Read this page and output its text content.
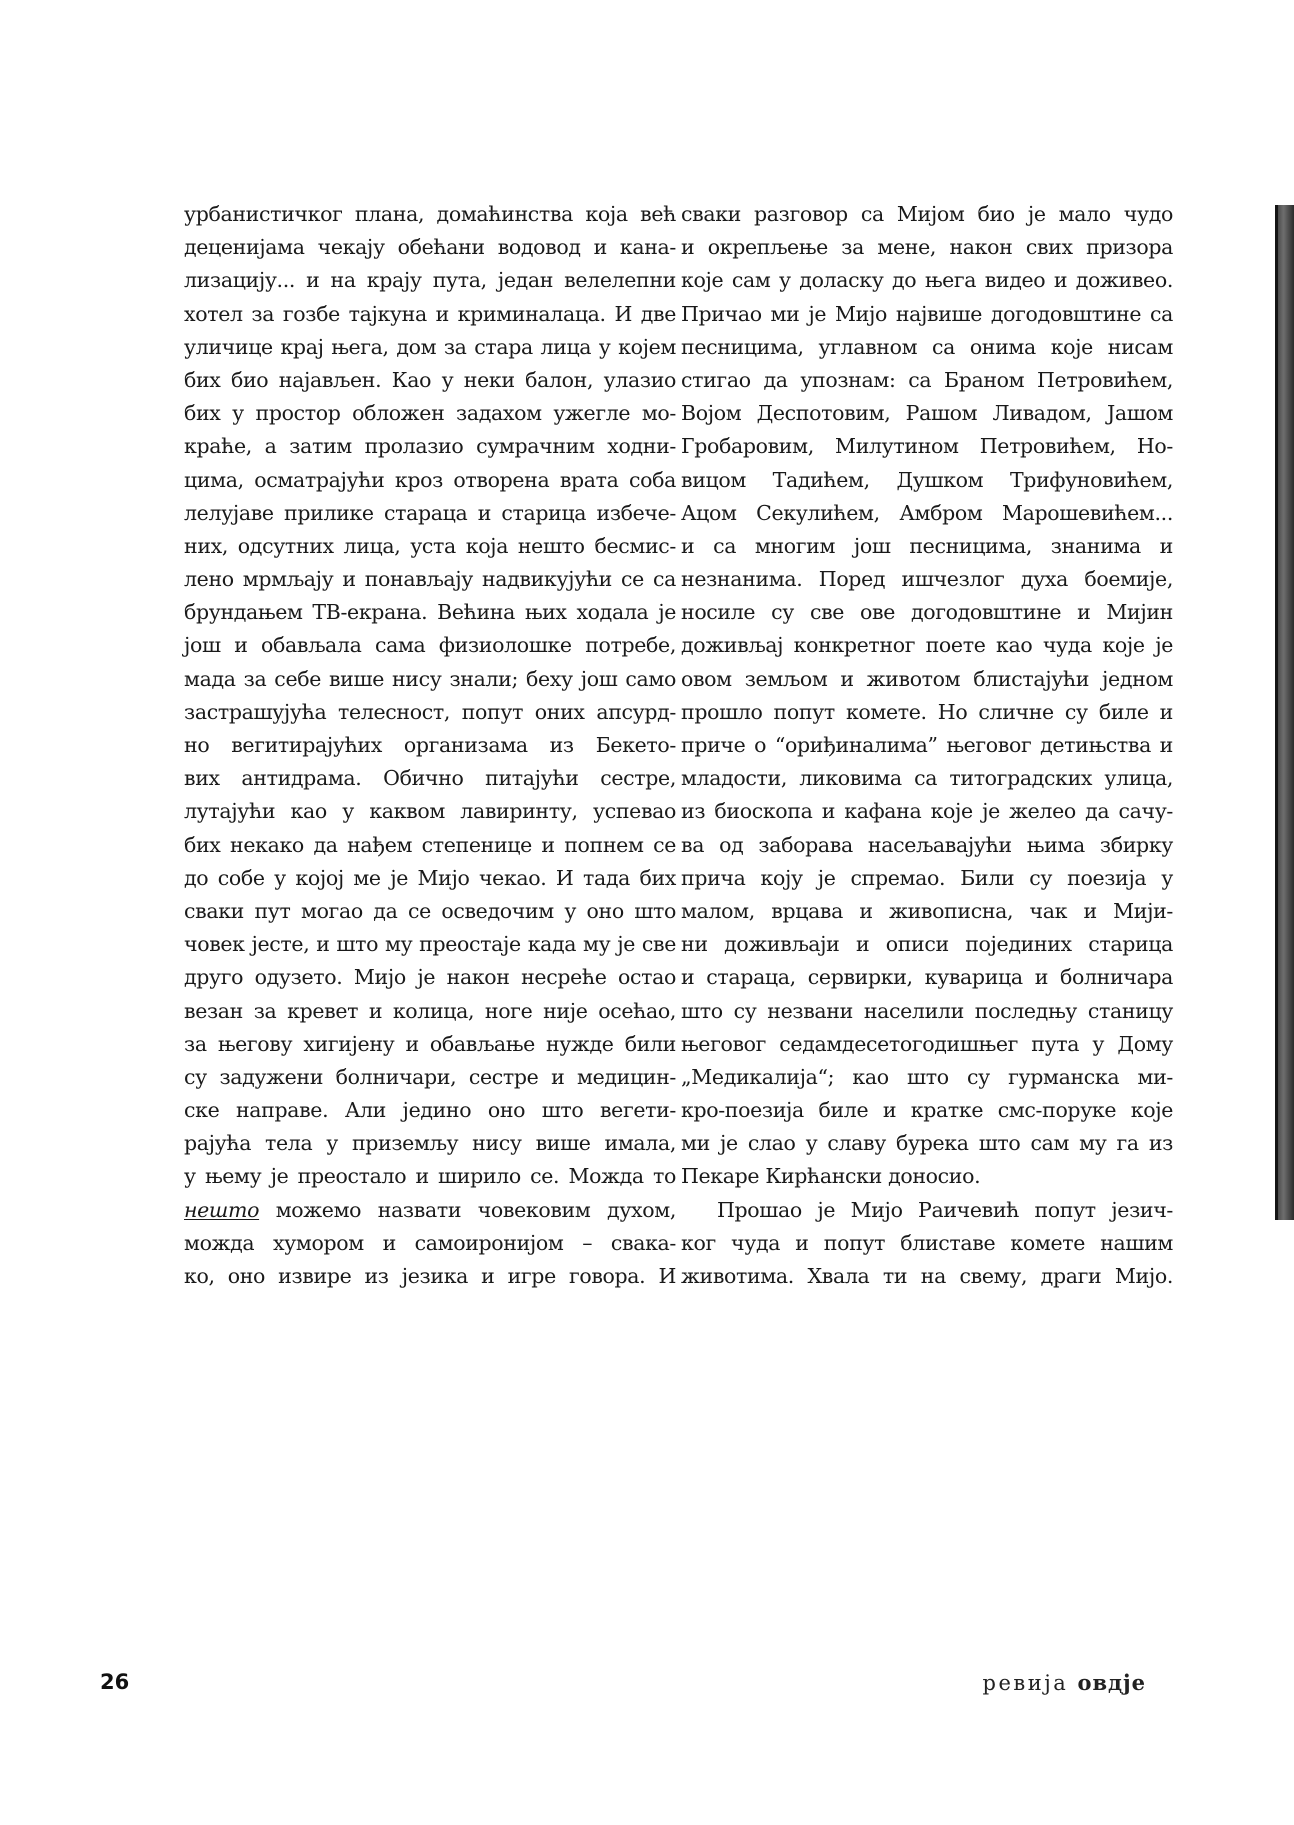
урбанистичког плана, домаћинства која већ
деценијама чекају обећани водовод и кана-
лизацију... и на крају пута, један велелепни
хотел за гозбе тајкуна и криминалаца. И две
уличице крај њега, дом за стара лица у којем
бих био најављен. Као у неки балон, улазио
бих у простор обложен задахом ужегле мо-
краће, а затим пролазио сумрачним ходни-
цима, осматрајући кроз отворена врата соба
лелујаве прилике стараца и старица избече-
них, одсутних лица, уста која нешто бесмис-
лено мрмљају и понављају надвикујући се са
брундањем ТВ-екрана. Већина њих ходала је
још и обављала сама физиолошке потребе,
мада за себе више нису знали; беху још само
застрашујућа телесност, попут оних апсурд-
но вегитирајућих организама из Бекето-
вих антидрама. Обично питајући сестре,
лутајући као у каквом лавиринту, успевао
бих некако да нађем степенице и попнем се
до собе у којој ме је Мијо чекао. И тада бих
сваки пут могао да се осведочим у оно што
човек јесте, и што му преостаје када му је све
друго одузето. Мијо је након несреће остао
везан за кревет и колица, ноге није осећао,
за његову хигијену и обављање нужде били
су задужени болничари, сестре и медицин-
ске направе. Али једино оно што вегети-
рајућа тела у приземљу нису више имала,
у њему је преостало и ширило се. Можда то
нешто можемо назвати човековим духом,
можда хумором и самоиронијом – свака-
ко, оно извире из језика и игре говора. И
сваки разговор са Мијом био је мало чудо
и окрепљење за мене, након свих призора
које сам у доласку до њега видео и доживео.
Причао ми је Мијо највише догодовштине са
песницима, углавном са онима које нисам
стигао да упознам: са Браном Петровићем,
Војом Деспотовим, Рашом Ливадом, Јашом
Гробаровим, Милутином Петровићем, Но-
вицом Тадићем, Душком Трифуновићем,
Ацом Секулићем, Амбром Марошевићем...
и са многим још песницима, знанима и
незнанима. Поред ишчезлог духа боемије,
носиле су све ове догодовштине и Мијин
доживљај конкретног поете као чуда које је
овом земљом и животом блистајући једном
прошло попут комете. Но сличне су биле и
приче о “ориђиналима” његовог детињства и
младости, ликовима са титоградских улица,
из биоскопа и кафана које је желео да сачу-
ва од заборава насељавајући њима збирку
прича коју је спремао. Били су поезија у
малом, врцава и живописна, чак и Мији-
ни доживљаји и описи појединих старица
и стараца, сервирки, куварица и болничара
што су незвани населили последњу станицу
његовог седамдесетогодишњег пута у Дому
„Медикалија“; као што су гурманска ми-
кро-поезија биле и кратке смс-поруке које
ми је слао у славу бурека што сам му га из
Пекаре Кирћански доносио.
Прошао је Мијо Раичевић попут језич-
ког чуда и попут блиставе комете нашим
животима. Хвала ти на свему, драги Мијо.
26	ревија овдје
